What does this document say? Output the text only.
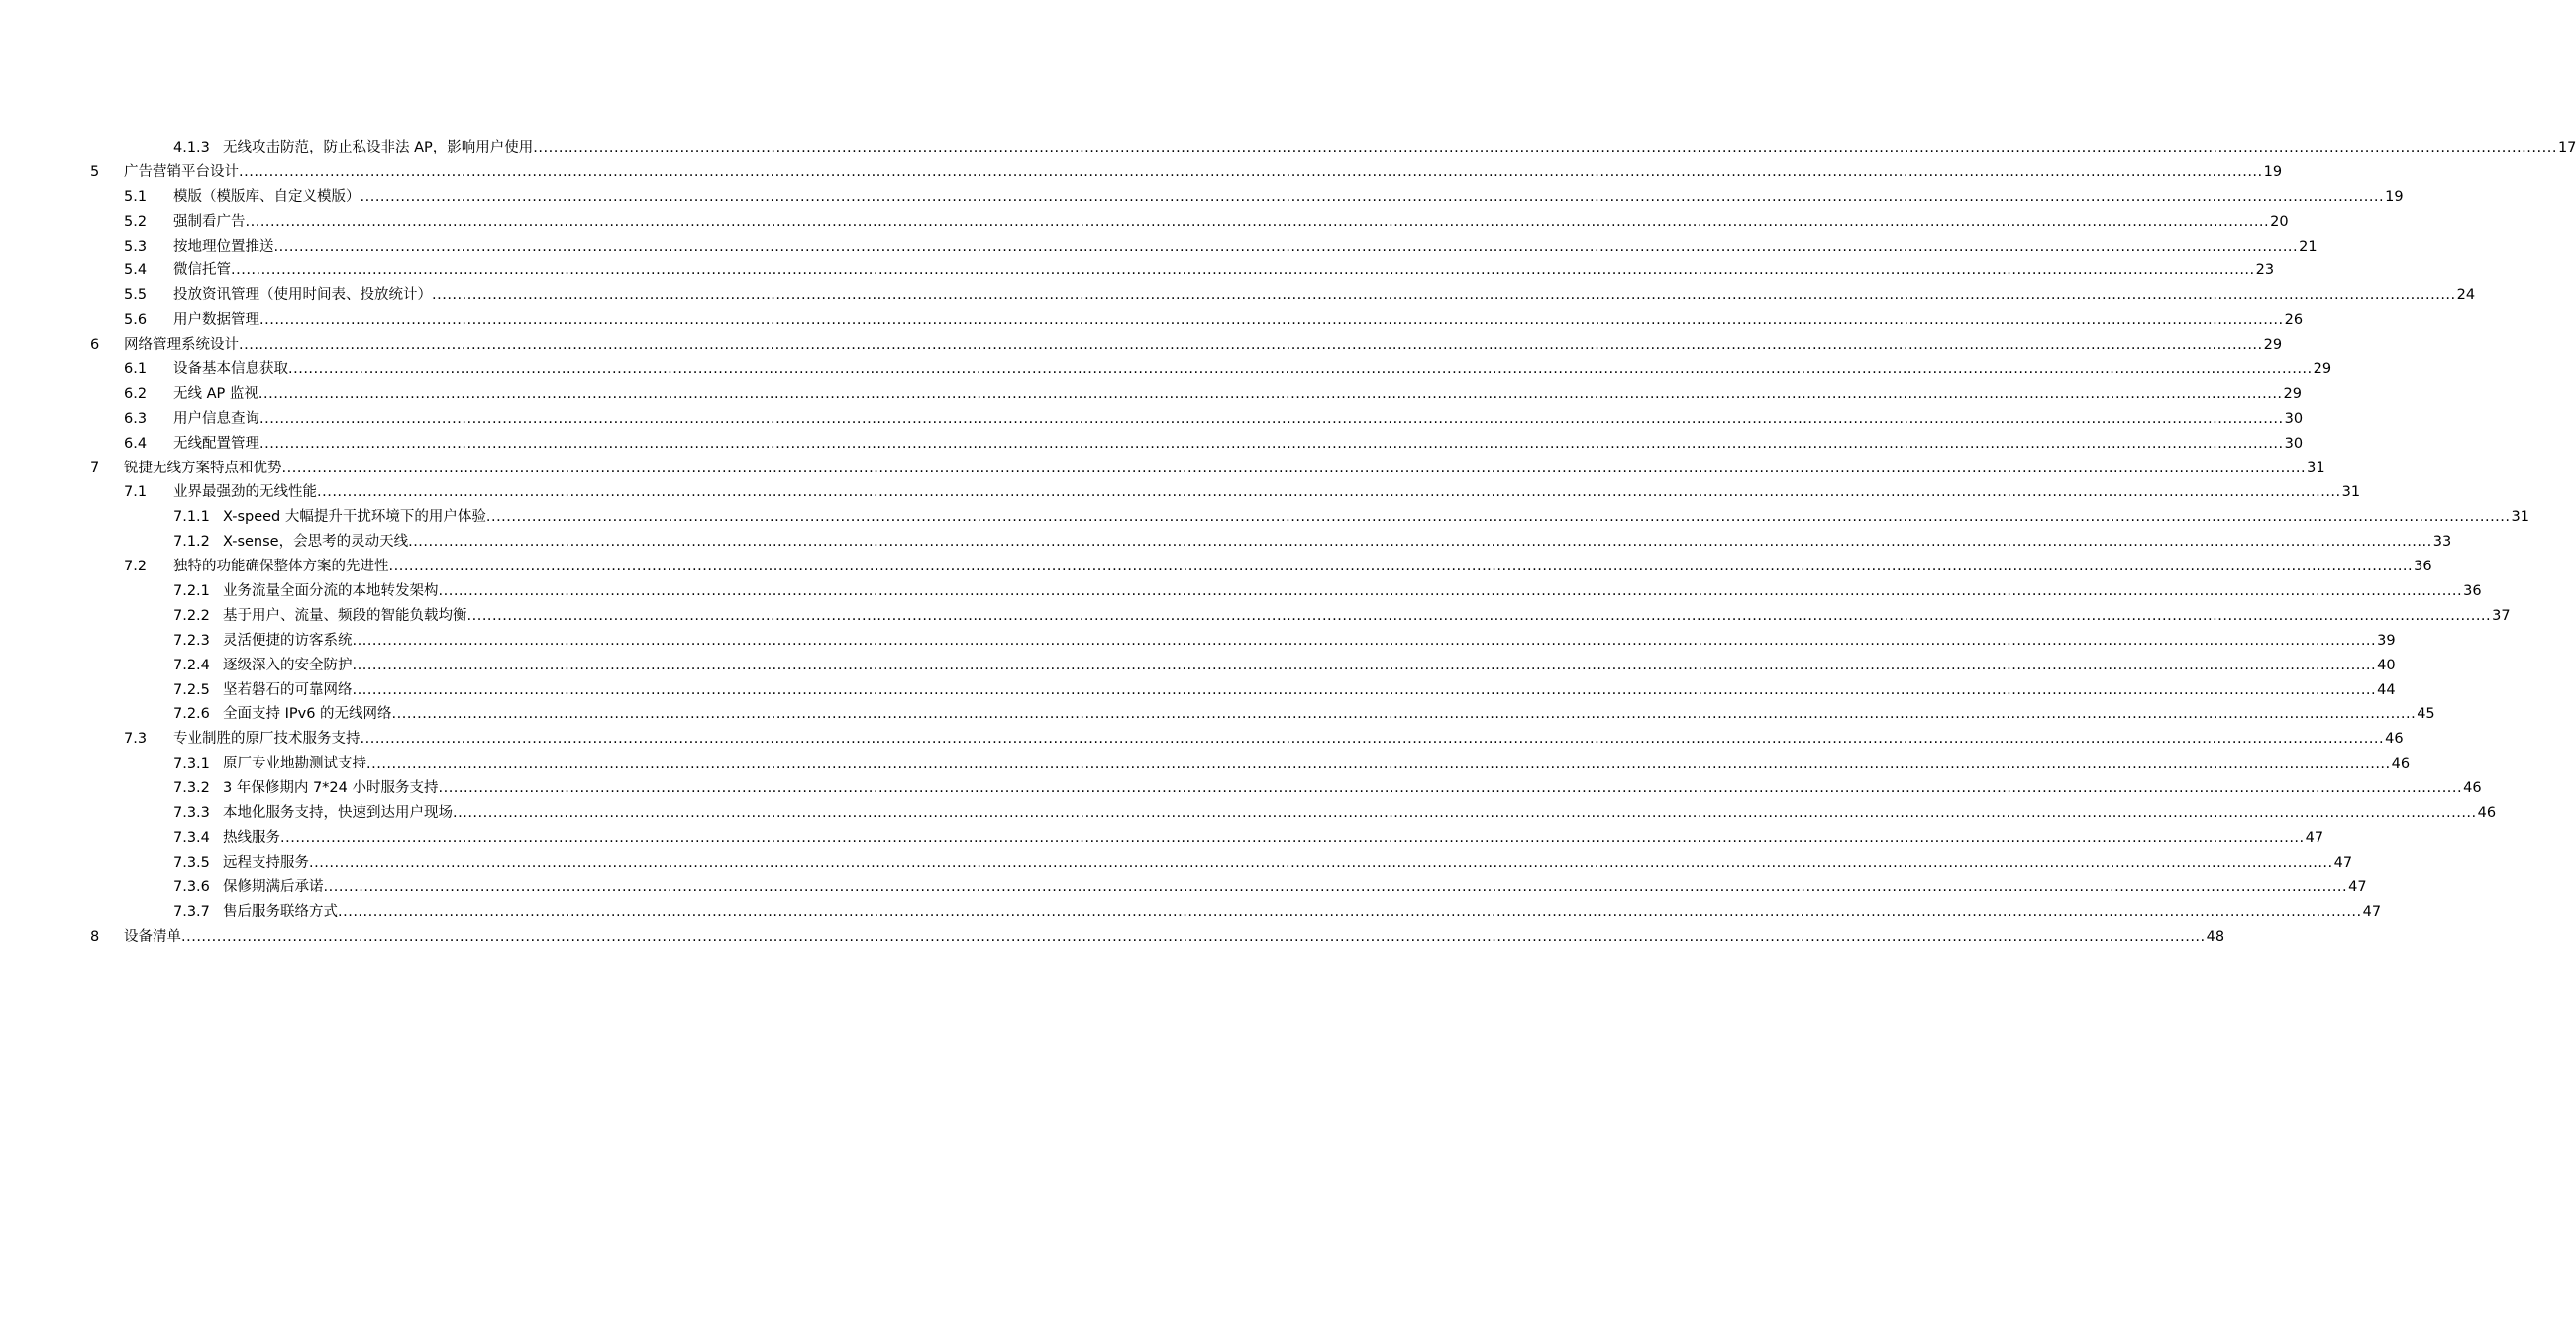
4.1.3 无线攻击防范，防止私设非法 AP，影响用户使用 ................................................................................................................................................................................................................................................................................................................................................................................................................ 17
5 广告营销平台设计 ................................................................................................................................................................................................................................................................................................................................................................................................................ 19
5.1 模版（模版库、自定义模版） ................................................................................................................................................................................................................................................................................................................................................................................................................ 19
5.2 强制看广告 ................................................................................................................................................................................................................................................................................................................................................................................................................ 20
5.3 按地理位置推送 ................................................................................................................................................................................................................................................................................................................................................................................................................ 21
5.4 微信托管 ................................................................................................................................................................................................................................................................................................................................................................................................................ 23
5.5 投放资讯管理（使用时间表、投放统计） ................................................................................................................................................................................................................................................................................................................................................................................................................ 24
5.6 用户数据管理 ................................................................................................................................................................................................................................................................................................................................................................................................................ 26
6 网络管理系统设计 ................................................................................................................................................................................................................................................................................................................................................................................................................ 29
6.1 设备基本信息获取 ................................................................................................................................................................................................................................................................................................................................................................................................................ 29
6.2 无线 AP 监视 ................................................................................................................................................................................................................................................................................................................................................................................................................ 29
6.3 用户信息查询 ................................................................................................................................................................................................................................................................................................................................................................................................................ 30
6.4 无线配置管理 ................................................................................................................................................................................................................................................................................................................................................................................................................ 30
7 锐捷无线方案特点和优势 ................................................................................................................................................................................................................................................................................................................................................................................................................ 31
7.1 业界最强劲的无线性能 ................................................................................................................................................................................................................................................................................................................................................................................................................ 31
7.1.1 X-speed 大幅提升干扰环境下的用户体验 ................................................................................................................................................................................................................................................................................................................................................................................................................ 31
7.1.2 X-sense，会思考的灵动天线 ................................................................................................................................................................................................................................................................................................................................................................................................................ 33
7.2 独特的功能确保整体方案的先进性 ................................................................................................................................................................................................................................................................................................................................................................................................................ 36
7.2.1 业务流量全面分流的本地转发架构 ................................................................................................................................................................................................................................................................................................................................................................................................................ 36
7.2.2 基于用户、流量、频段的智能负载均衡 ................................................................................................................................................................................................................................................................................................................................................................................................................ 37
7.2.3 灵活便捷的访客系统 ................................................................................................................................................................................................................................................................................................................................................................................................................ 39
7.2.4 逐级深入的安全防护 ................................................................................................................................................................................................................................................................................................................................................................................................................ 40
7.2.5 坚若磐石的可靠网络 ................................................................................................................................................................................................................................................................................................................................................................................................................ 44
7.2.6 全面支持 IPv6 的无线网络 ................................................................................................................................................................................................................................................................................................................................................................................................................ 45
7.3 专业制胜的原厂技术服务支持 ................................................................................................................................................................................................................................................................................................................................................................................................................ 46
7.3.1 原厂专业地勘测试支持 ................................................................................................................................................................................................................................................................................................................................................................................................................ 46
7.3.2 3 年保修期内 7*24 小时服务支持 ................................................................................................................................................................................................................................................................................................................................................................................................................ 46
7.3.3 本地化服务支持，快速到达用户现场 ................................................................................................................................................................................................................................................................................................................................................................................................................ 46
7.3.4 热线服务 ................................................................................................................................................................................................................................................................................................................................................................................................................ 47
7.3.5 远程支持服务 ................................................................................................................................................................................................................................................................................................................................................................................................................ 47
7.3.6 保修期满后承诺 ................................................................................................................................................................................................................................................................................................................................................................................................................ 47
7.3.7 售后服务联络方式 ................................................................................................................................................................................................................................................................................................................................................................................................................ 47
8 设备清单 ................................................................................................................................................................................................................................................................................................................................................................................................................ 48
